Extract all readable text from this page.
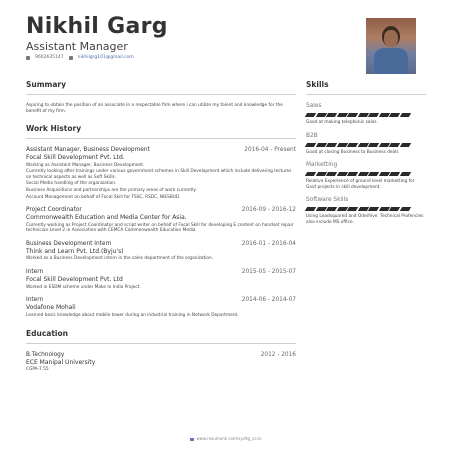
Nikhil Garg
Assistant Manager
9602635147	nikhilgrg101@gmail.com
Summary
Aspiring to obtain the position of an associate in a respectable firm where i can utilize my talent and knowledge for the benefit of my firm.
Work History
Assistant Manager, Business Development	2016-04 - Present
Focal Skill Development Pvt. Ltd.

Working as Assistant Manager, Business Development.

Currently looking after trainings under various government schemes in Skill Development which include delivering lectures on technical aspects as well as Soft Skills.

Social Media handling of the organization.

Business Acquisitions and partnerships are the primary areas of work currently.

Account Management on behalf of Focal Skill for TSSC, RSDC, NIESBUD.

Project Coordinator	2016-09 - 2016-12
Commonwealth Education and Media Center for Asia.

Currently working as Project Coordinator and script writer on behalf of Focal Skill for developing E content on handset repair technician Level 2 in Association with CEMCA Commonwealth Education Media

Business Development Intern	2016-01 - 2016-04
Think and Learn Pvt. Ltd.(Byju's)

Worked as a Business Development intern in the sales department of the organization.

Intern	2015-05 - 2015-07
Focal Skill Development Pvt. Ltd

Worked in ESDM scheme under Make In India Project.

Intern	2014-06 - 2014-07
Vodafone Mohali

Learned basic knowledge about mobile tower during an industrial training in Network Department.

Education
B.Technology	2012 - 2016
ECE Manipal University
CGPA-7.55
Skills
Sales
Good at making telephonic sales.
B2B
Good at closing Business to Business deals
Marketting
Relative Experience of ground level marketting for Govt projects in skill development.
Software Skills
Using Leadsquared and Oderhive. Technical Profencies also include MS office.
www.resumonk.com/xyz9g_co.in
